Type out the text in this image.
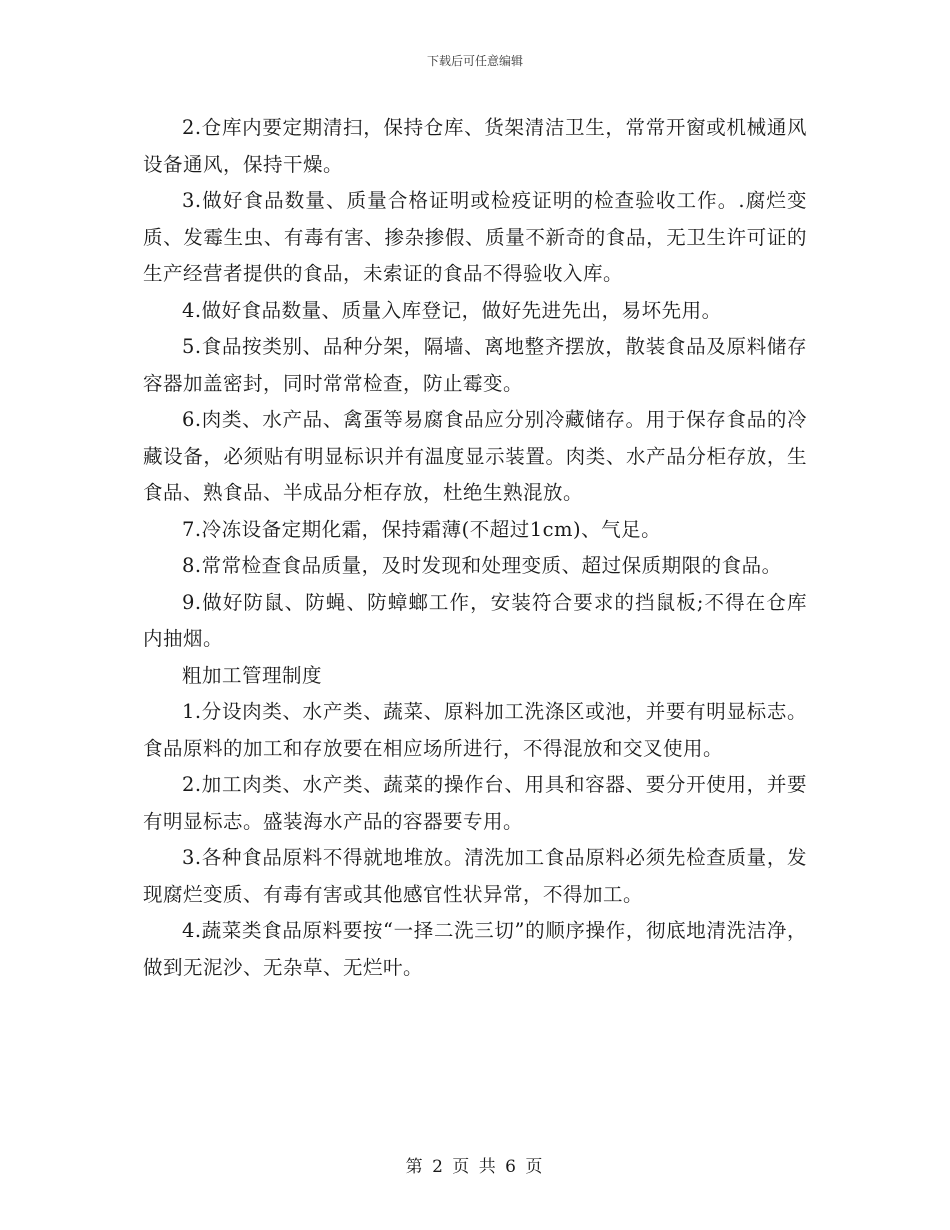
下载后可任意编辑

2.仓库内要定期清扫，保持仓库、货架清洁卫生，常常开窗或机械通风设备通风，保持干燥。

3.做好食品数量、质量合格证明或检疫证明的检查验收工作。.腐烂变质、发霉生虫、有毒有害、掺杂掺假、质量不新奇的食品，无卫生许可证的生产经营者提供的食品，未索证的食品不得验收入库。

4.做好食品数量、质量入库登记，做好先进先出，易坏先用。

5.食品按类别、品种分架，隔墙、离地整齐摆放，散装食品及原料储存容器加盖密封，同时常常检查，防止霉变。

6.肉类、水产品、禽蛋等易腐食品应分别冷藏储存。用于保存食品的冷藏设备，必须贴有明显标识并有温度显示装置。肉类、水产品分柜存放，生食品、熟食品、半成品分柜存放，杜绝生熟混放。

7.冷冻设备定期化霜，保持霜薄(不超过1cm)、气足。

8.常常检查食品质量，及时发现和处理变质、超过保质期限的食品。

9.做好防鼠、防蝇、防蟑螂工作，安装符合要求的挡鼠板;不得在仓库内抽烟。

粗加工管理制度

1.分设肉类、水产类、蔬菜、原料加工洗涤区或池，并要有明显标志。食品原料的加工和存放要在相应场所进行，不得混放和交叉使用。

2.加工肉类、水产类、蔬菜的操作台、用具和容器、要分开使用，并要有明显标志。盛装海水产品的容器要专用。

3.各种食品原料不得就地堆放。清洗加工食品原料必须先检查质量，发现腐烂变质、有毒有害或其他感官性状异常，不得加工。

4.蔬菜类食品原料要按“一择二洗三切”的顺序操作，彻底地清洗洁净，做到无泥沙、无杂草、无烂叶。

第 2 页 共 6 页
